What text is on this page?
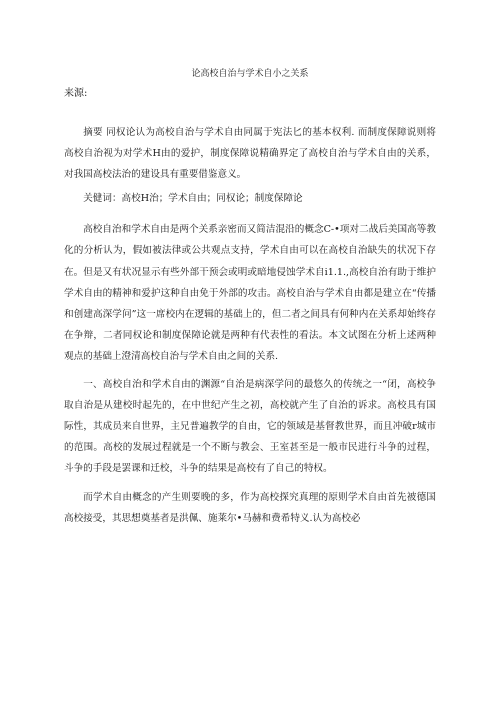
论高校自治与学术自小之关系
来源:

摘要 同权论认为高校自治与学术自由同属于宪法匕的基本权利. 而制度保障说则将高校自治视为对学术H由的爱护，制度保障说精确界定了高校自治与学术自由的关系，对我国高校法治的建设具有重要借鉴意义。

关健词：高校H治；学术自由；同权论；制度保障论

高校自治和学术自由是两个关系亲密而又简洁混沿的概念C-•项对二战后美国高等教化的分析认为，假如被法律或公共观点支持，学术自由可以在高校自治缺失的状况下存在。但是又有状况显示有些外部干预会或明或暗地侵蚀学术自i1.1.,高校自治有助于维护学术自由的精神和爱护这种自由免于外部的攻击。高校自治与学术自由都是建立在“传播和创建高深学问”这一席校内在逻辑的基础上的，但二者之间具有何种内在关系却始终存在争辩，二者同权论和制度保障论就是两种有代表性的看法。本文试图在分析上述两种观点的基础上澄清高校自治与学术自由之间的关系.

一、高校自治和学术自由的渊源“自治是病深学问的最悠久的传统之一“闭，高校争取自治是从建校时起先的，在中世纪产生之初，高校就产生了自治的诉求。高校具有国际性，其成员来自世界，主兄普遍教学的自由，它的领域是基督教世界，而且冲破r城市的范围。高校的发展过程就是一个不断与教会、王室甚至是一般市民进行斗争的过程，斗争的手段是罢课和迁校，斗争的结果是高校有了自己的特权。

而学术自由概念的产生则要晚的多，作为高校探究真理的原则学术自由首先被德国高校接受，其思想奠基者是洪佩、施莱尔•马赫和费希特义.认为高校必
